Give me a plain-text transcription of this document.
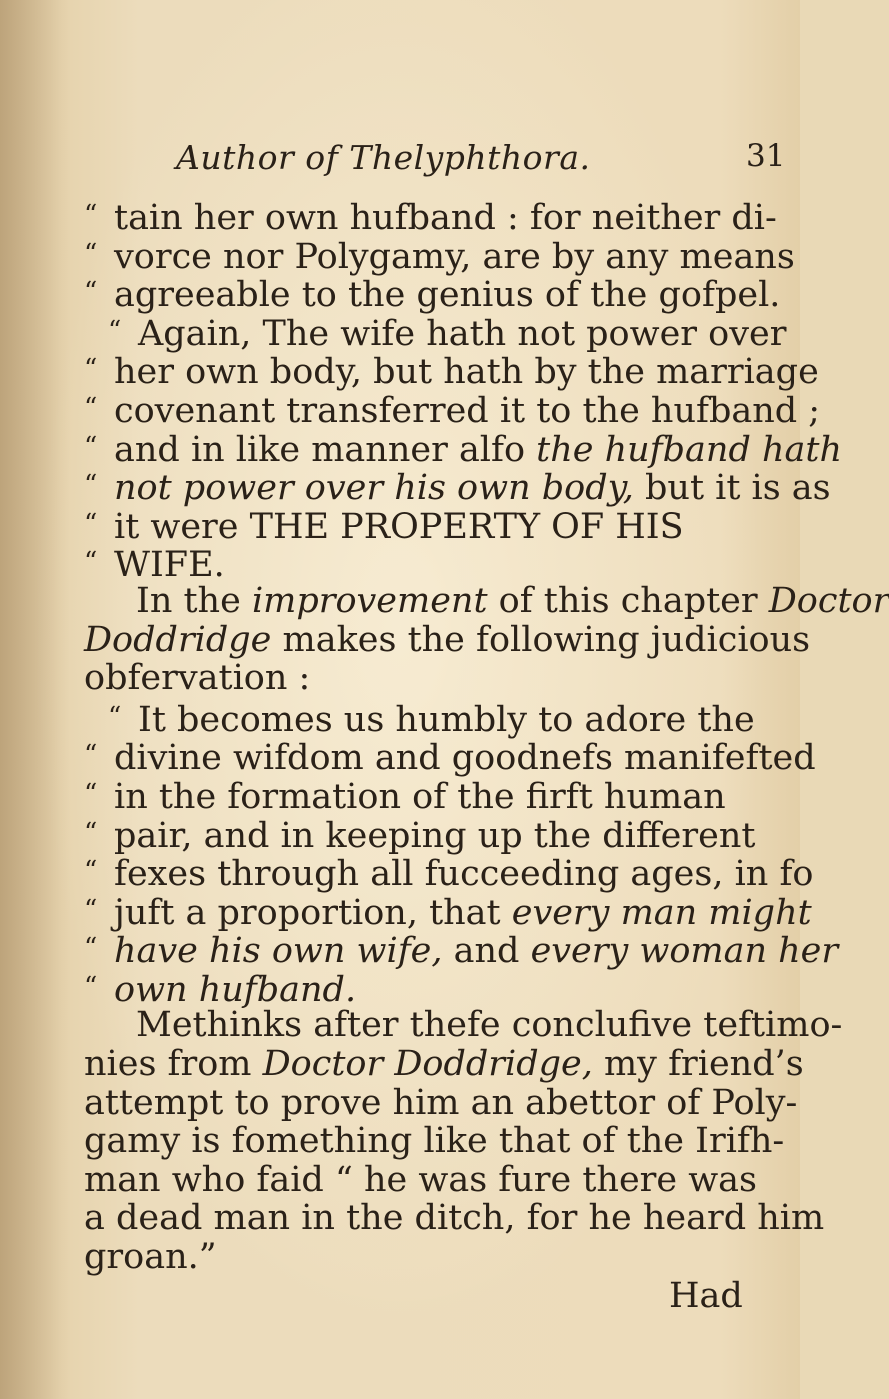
Author of Thelyphthora.	31
“ tain her own hufband : for neither di-
“ vorce nor Polygamy, are by any means
“ agreeable to the genius of the gofpel.
“ Again, The wife hath not power over
“ her own body, but hath by the marriage
“ covenant transferred it to the hufband ;
“ and in like manner alfo the hufband hath
“ not power over his own body, but it is as
“ it were THE PROPERTY OF HIS
“ WIFE.
In the improvement of this chapter Doctor
Doddridge makes the following judicious
obfervation :
“ It becomes us humbly to adore the
“ divine wifdom and goodnefs manifefted
“ in the formation of the firft human
“ pair, and in keeping up the different
“ fexes through all fucceeding ages, in fo
“ juft a proportion, that every man might
“ have his own wife, and every woman her
“ own hufband.
Methinks after thefe conclufive teftimo-
nies from Doctor Doddridge, my friend’s
attempt to prove him an abettor of Poly-
gamy is fomething like that of the Irifh-
man who faid “ he was fure there was
a dead man in the ditch, for he heard him
groan.”
Had
